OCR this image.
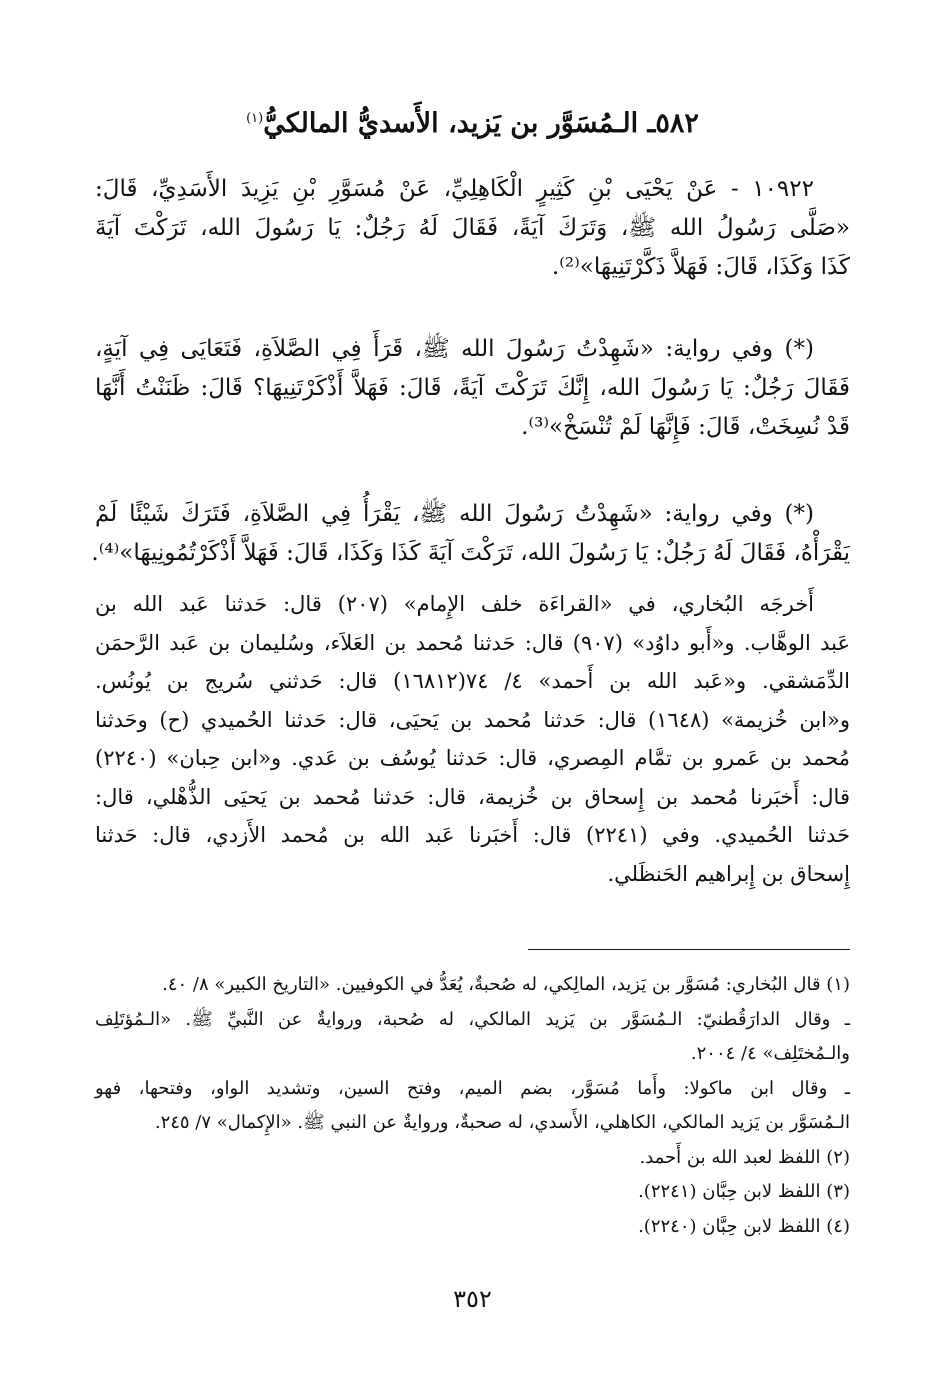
٥٨٢ـ الـمُسَوَّر بن يَزيد، الأَسديُّ المالكيُّ$^{(١)}$
١٠٩٢٢ - عَنْ يَحْيَى بْنِ كَثِيرٍ الْكَاهِلِيِّ، عَنْ مُسَوَّرِ بْنِ يَزِيدَ الأَسَدِيِّ، قَالَ:
«صَلَّى رَسُولُ الله ﷺ، وَتَرَكَ آيَةً، فَقَالَ لَهُ رَجُلٌ: يَا رَسُولَ الله، تَرَكْتَ آيَةَ
كَذَا وَكَذَا، قَالَ: فَهَلاَّ ذَكَّرْتَنِيهَا»⁽²⁾.
(*) وفي رواية: «شَهِدْتُ رَسُولَ الله ﷺ، قَرَأَ فِي الصَّلاَةِ، فَتَعَايَى فِي آيَةٍ،
فَقَالَ رَجُلٌ: يَا رَسُولَ الله، إِنَّكَ تَرَكْتَ آيَةً، قَالَ: فَهَلاَّ أَذْكَرْتَنِيهَا؟ قَالَ: ظَنَنْتُ أَنَّهَا
قَدْ نُسِخَتْ، قَالَ: فَإِنَّهَا لَمْ تُنْسَخْ»⁽³⁾.
(*) وفي رواية: «شَهِدْتُ رَسُولَ الله ﷺ، يَقْرَأُ فِي الصَّلاَةِ، فَتَرَكَ شَيْئًا لَمْ
يَقْرَأْهُ، فَقَالَ لَهُ رَجُلٌ: يَا رَسُولَ الله، تَرَكْتَ آيَةَ كَذَا وَكَذَا، قَالَ: فَهَلاَّ أَذْكَرْتُمُونِيهَا»⁽⁴⁾.
أَخرجَه البُخاري، في «القراءَة خلف الإِمام» (٢٠٧) قال: حَدثنا عَبد الله بن
عَبد الوهَّاب. و«أَبو داوُد» (٩٠٧) قال: حَدثنا مُحمد بن العَلاَء، وسُليمان بن عَبد الرَّحمَن
الدِّمَشقي. و«عَبد الله بن أَحمد» ٤/ ٧٤(١٦٨١٢) قال: حَدثني سُريج بن يُونُس.
و«ابن خُزيمة» (١٦٤٨) قال: حَدثنا مُحمد بن يَحيَى، قال: حَدثنا الحُميدي (ح) وحَدثنا
مُحمد بن عَمرو بن تمَّام المِصري، قال: حَدثنا يُوسُف بن عَدي. و«ابن حِبان» (٢٢٤٠)
قال: أَخبَرنا مُحمد بن إِسحاق بن خُزيمة، قال: حَدثنا مُحمد بن يَحيَى الذُّهْلي، قال:
حَدثنا الحُميدي. وفي (٢٢٤١) قال: أَخبَرنا عَبد الله بن مُحمد الأَزدي، قال: حَدثنا
إِسحاق بن إِبراهيم الحَنظَلي.
(١) قال البُخاري: مُسَوَّر بن يَزيد، المالِكي، له صُحبةٌ، يُعَدُّ في الكوفيين. «التاريخ الكبير» ٨/ ٤٠.
ـ وقال الدارَقُطنيّ: الـمُسَوَّر بن يَزيد المالكي، له صُحبة، وروايةٌ عن النَّبيِّ ﷺ. «الـمُؤتَلِف
والـمُختَلِف» ٤/ ٢٠٠٤.
ـ وقال ابن ماكولا: وأَما مُسَوَّر، بضم الميم، وفتح السين، وتشديد الواو، وفتحها، فهو
الـمُسَوَّر بن يَزيد المالكي، الكاهلي، الأَسدي، له صحبةٌ، وروايةٌ عن النبي ﷺ. «الإِكمال» ٧/ ٢٤٥.
(٢) اللفظ لعبد الله بن أَحمد.
(٣) اللفظ لابن حِبَّان (٢٢٤١).
(٤) اللفظ لابن حِبَّان (٢٢٤٠).
٣٥٢
